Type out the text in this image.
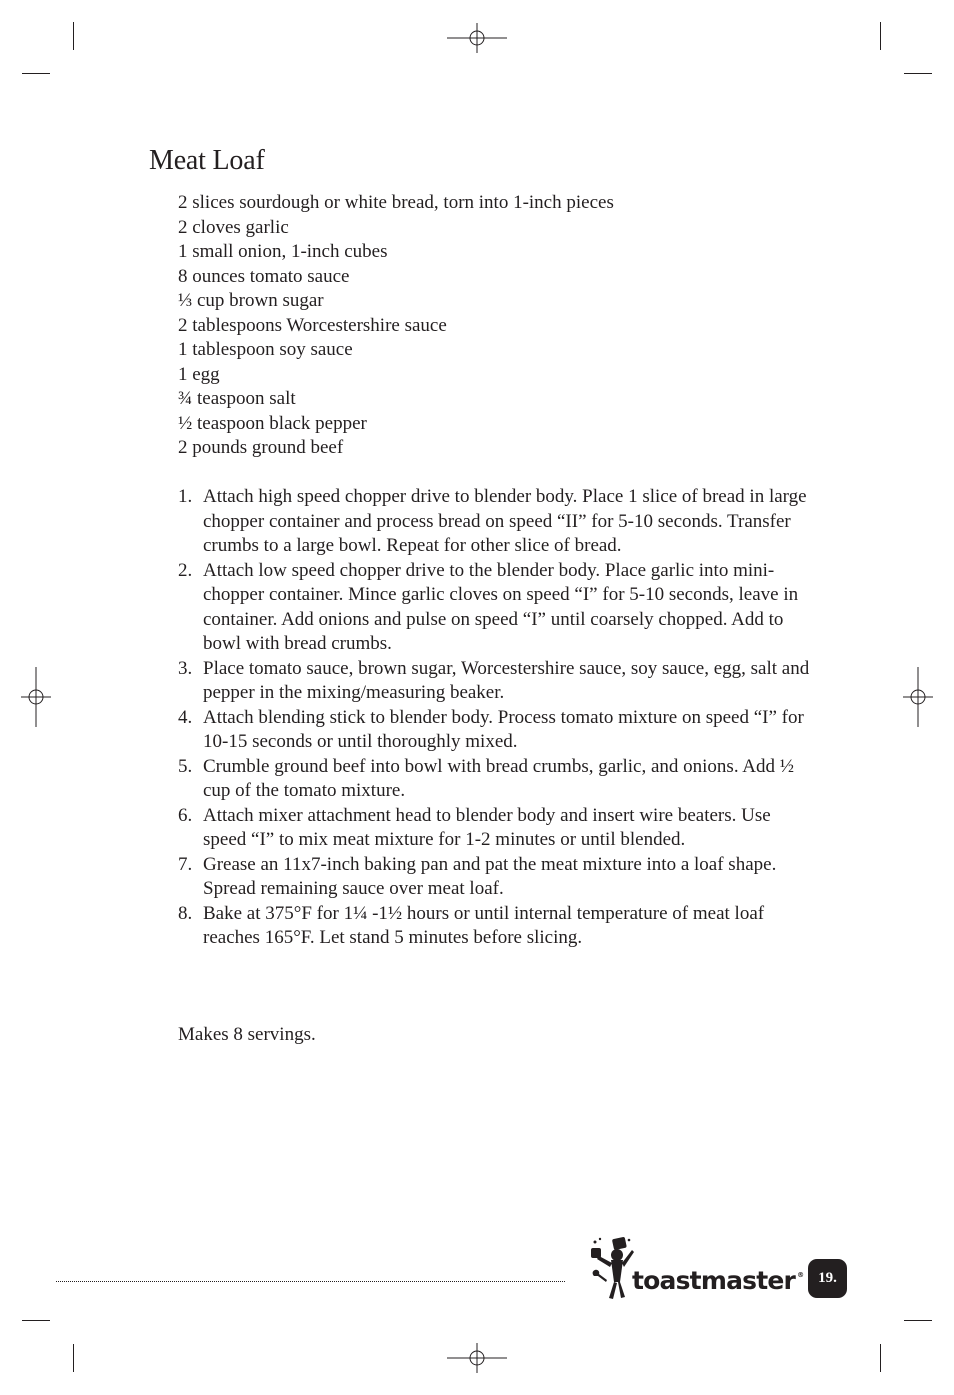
Meat Loaf
2 slices sourdough or white bread, torn into 1-inch pieces
2 cloves garlic
1 small onion, 1-inch cubes
8 ounces tomato sauce
⅓ cup brown sugar
2 tablespoons Worcestershire sauce
1 tablespoon soy sauce
1 egg
¾ teaspoon salt
½ teaspoon black pepper
2 pounds ground beef
1. Attach high speed chopper drive to blender body. Place 1 slice of bread in large chopper container and process bread on speed “II” for 5-10 seconds. Transfer crumbs to a large bowl. Repeat for other slice of bread.
2. Attach low speed chopper drive to the blender body. Place garlic into mini-chopper container. Mince garlic cloves on speed “I” for 5-10 seconds, leave in container. Add onions and pulse on speed “I” until coarsely chopped. Add to bowl with bread crumbs.
3. Place tomato sauce, brown sugar, Worcestershire sauce, soy sauce, egg, salt and pepper in the mixing/measuring beaker.
4. Attach blending stick to blender body. Process tomato mixture on speed “I” for 10-15 seconds or until thoroughly mixed.
5. Crumble ground beef into bowl with bread crumbs, garlic, and onions. Add ½ cup of the tomato mixture.
6. Attach mixer attachment head to blender body and insert wire beaters. Use speed “I” to mix meat mixture for 1-2 minutes or until blended.
7. Grease an 11x7-inch baking pan and pat the meat mixture into a loaf shape. Spread remaining sauce over meat loaf.
8. Bake at 375°F for 1¼ -1½ hours or until internal temperature of meat loaf reaches 165°F. Let stand 5 minutes before slicing.

Makes 8 servings.

toastmaster ® 19.
